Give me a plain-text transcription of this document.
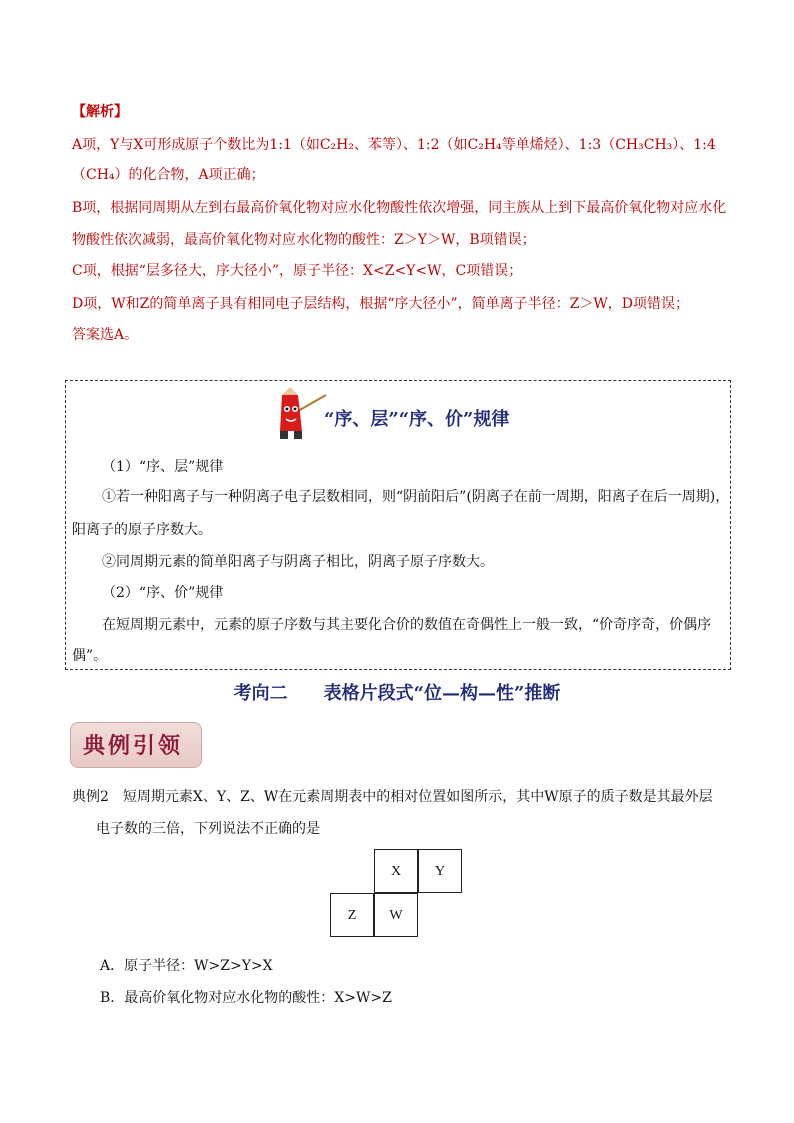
【解析】
A项，Y与X可形成原子个数比为1:1（如C₂H₂、苯等）、1:2（如C₂H₄等单烯烃）、1:3（CH₃CH₃）、1:4
（CH₄）的化合物，A项正确；
B项，根据同周期从左到右最高价氧化物对应水化物酸性依次增强，同主族从上到下最高价氧化物对应水化
物酸性依次减弱，最高价氧化物对应水化物的酸性：Z＞Y＞W，B项错误；
C项，根据“层多径大，序大径小”，原子半径：X<Z<Y<W，C项错误；
D项，W和Z的简单离子具有相同电子层结构，根据“序大径小”，简单离子半径：Z＞W，D项错误；
答案选A。
“序、层”“序、价”规律
（1）“序、层”规律
①若一种阳离子与一种阴离子电子层数相同，则“阴前阳后”(阴离子在前一周期，阳离子在后一周期)，
阳离子的原子序数大。
②同周期元素的简单阳离子与阴离子相比，阴离子原子序数大。
（2）“序、价”规律
在短周期元素中，元素的原子序数与其主要化合价的数值在奇偶性上一般一致，“价奇序奇，价偶序
偶”。
考向二　　表格片段式“位—构—性”推断
典例引领
典例2　短周期元素X、Y、Z、W在元素周期表中的相对位置如图所示，其中W原子的质子数是其最外层
电子数的三倍，下列说法不正确的是
X	Y
Z	W
A．原子半径：W>Z>Y>X
B．最高价氧化物对应水化物的酸性：X>W>Z
